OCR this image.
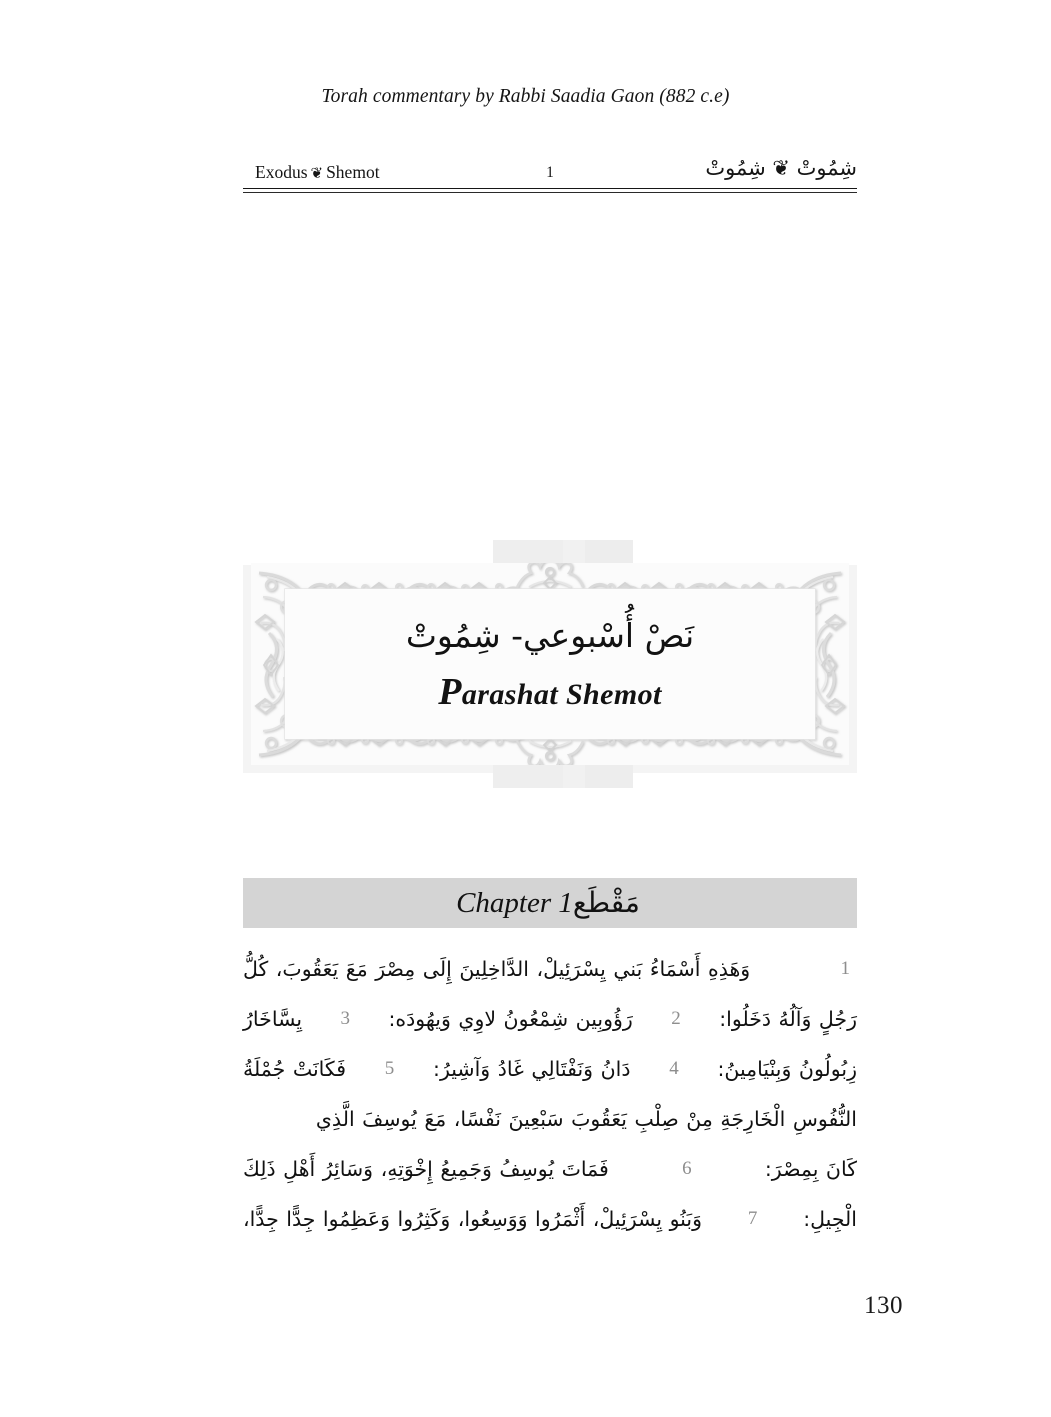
Torah commentary by Rabbi Saadia Gaon (882 c.e)
Exodus ❦ Shemot	1	شِمُوتْ ❦ شِمُوتْ
نَصْ أُسْبوعي- شِمُوتْ
Parashat Shemot
Chapter 1مَقْطَع
1
وَهَذِهِ أَسْمَاءُ بَني يِسْرَئِيلْ، الدَّاخِلِينَ إِلَى مِصْرَ مَعَ يَعَقُوبَ، كُلُّ
رَجُلٍ وَآلُهُ دَخَلُوا:
2
رَؤُوبِين شِمْعُونُ لاوِي وَيهُودَه:
3
يِسَّاخَارُ
زِبُولُونُ وَبِنْيَامِينُ:
4
دَانُ وَنَفْتَالِي غَادُ وَآشِيرُ:
5
فَكَانَتْ جُمْلَةُ
النُّفُوسِ الْخَارِجَةِ مِنْ صِلْبِ يَعَقُوبَ سَبْعِينَ نَفْسًا، مَعَ يُوسِفَ الَّذِي
كَانَ بِمِصْرَ:
6
فَمَاتَ يُوسِفُ وَجَمِيعُ إِخْوَتِهِ، وَسَائِرُ أَهْلِ ذَلِكَ
الْجِيلِ:
7
وَبَنُو يِسْرَئِيلْ، أَثْمَرُوا وَوَسِعُوا، وَكَثِرُوا وَعَظِمُوا جِدًّا جِدًّا،
130
